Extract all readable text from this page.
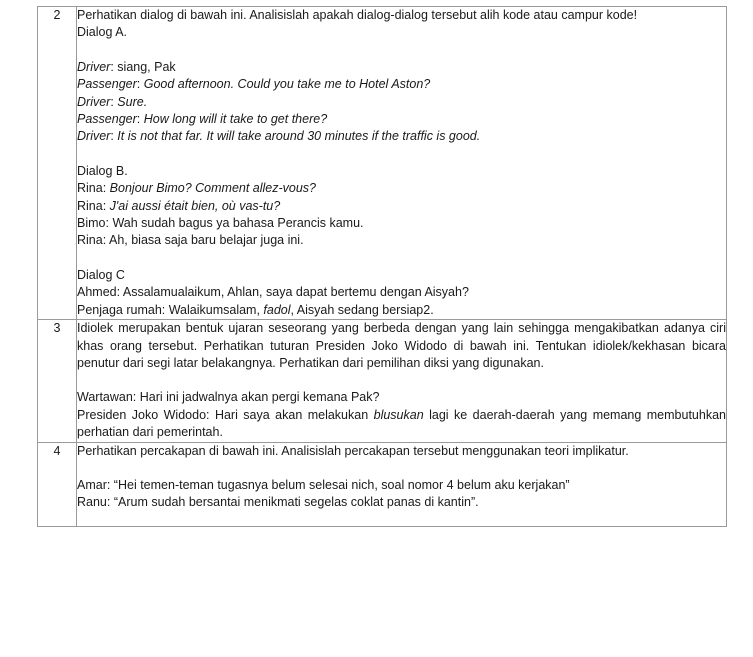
2	Perhatikan dialog di bawah ini. Analisislah apakah dialog-dialog tersebut alih kode atau campur kode!

Dialog A.

Driver: siang, Pak

Passenger: Good afternoon. Could you take me to Hotel Aston?

Driver: Sure.

Passenger: How long will it take to get there?

Driver: It is not that far. It will take around 30 minutes if the traffic is good.

Dialog B.

Rina: Bonjour Bimo? Comment allez-vous?

Rina: J'ai aussi était bien, où vas-tu?

Bimo: Wah sudah bagus ya bahasa Perancis kamu.

Rina: Ah, biasa saja baru belajar juga ini.

Dialog C

Ahmed: Assalamualaikum, Ahlan, saya dapat bertemu dengan Aisyah?

Penjaga rumah: Walaikumsalam, fadol, Aisyah sedang bersiap2.

3	Idiolek merupakan bentuk ujaran seseorang yang berbeda dengan yang lain sehingga mengakibatkan adanya ciri khas orang tersebut. Perhatikan tuturan Presiden Joko Widodo di bawah ini. Tentukan idiolek/kekhasan bicara penutur dari segi latar belakangnya. Perhatikan dari pemilihan diksi yang digunakan.

Wartawan: Hari ini jadwalnya akan pergi kemana Pak?

Presiden Joko Widodo: Hari saya akan melakukan blusukan lagi ke daerah-daerah yang memang membutuhkan perhatian dari pemerintah.

4	Perhatikan percakapan di bawah ini. Analisislah percakapan tersebut menggunakan teori implikatur.

Amar: “Hei temen-teman tugasnya belum selesai nich, soal nomor 4 belum aku kerjakan”

Ranu: “Arum sudah bersantai menikmati segelas coklat panas di kantin”.
